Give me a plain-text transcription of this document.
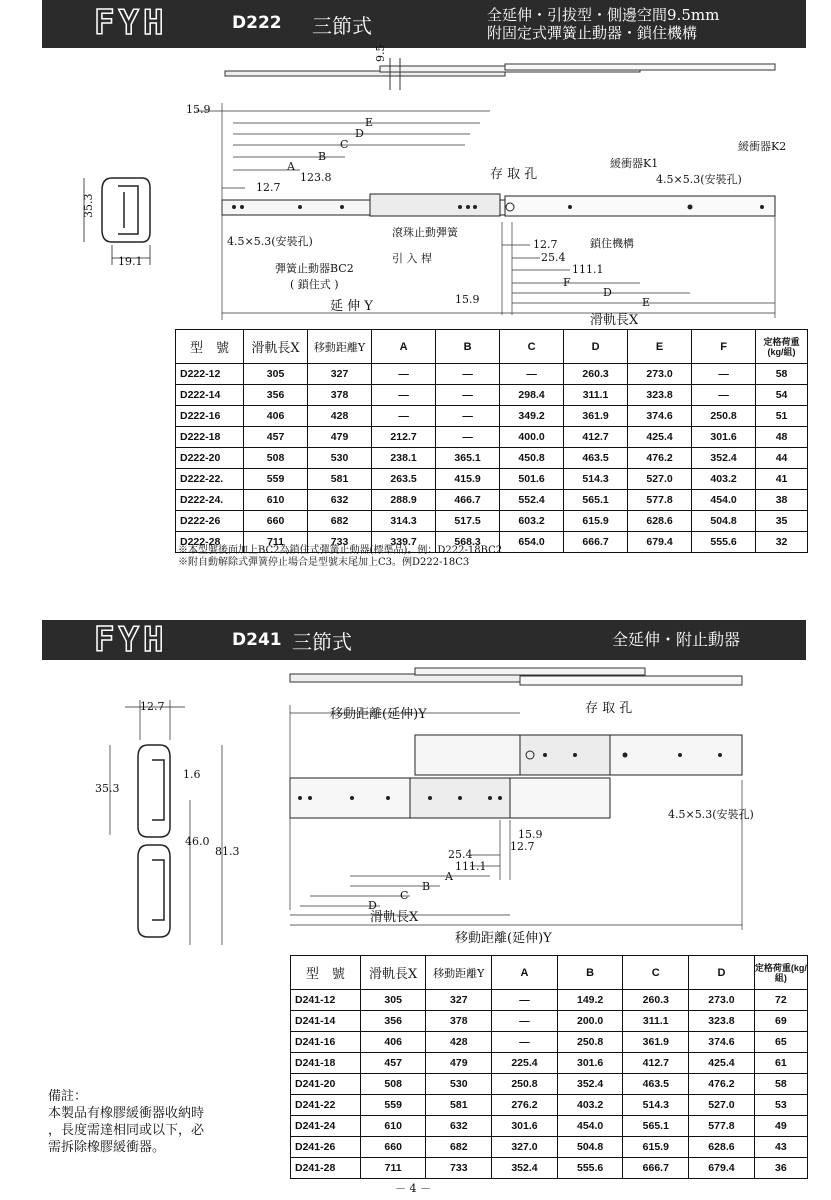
FYH	D222 三節式	全延伸・引拔型・側邊空間9.5mm
附固定式彈簧止動器・鎖住機構
9.5
35.3
19.1
15.9
E
D
C
B
A
123.8
12.7
存 取 孔
緩衝器K1
緩衝器K2
4.5×5.3(安裝孔)
4.5×5.3(安裝孔)
滾珠止動彈簧
鎖住機構
彈簧止動器BC2
( 鎖住式 )
引 入 桿
12.7
25.4
111.1
F
D
E
15.9
延 伸 Y
滑軌長X
型　號	滑軌長X	移動距離Y	A	B	C	D	E	F	定格荷重(kg/組)
D222-12	305	327	—	—	—	260.3	273.0	—	58
D222-14	356	378	—	—	298.4	311.1	323.8	—	54
D222-16	406	428	—	—	349.2	361.9	374.6	250.8	51
D222-18	457	479	212.7	—	400.0	412.7	425.4	301.6	48
D222-20	508	530	238.1	365.1	450.8	463.5	476.2	352.4	44
D222-22.	559	581	263.5	415.9	501.6	514.3	527.0	403.2	41
D222-24.	610	632	288.9	466.7	552.4	565.1	577.8	454.0	38
D222-26	660	682	314.3	517.5	603.2	615.9	628.6	504.8	35
D222-28	711	733	339.7	568.3	654.0	666.7	679.4	555.6	32
※本型號後面加上BC2為鎖住式彈簧止動器(標準品)。例：D222-18BC2
※附自動解除式彈簧停止場合是型號末尾加上C3。例D222-18C3
FYH	D241 三節式	全延伸・附止動器
12.7
1.6
35.3
46.0
81.3
移動距離(延伸)Y	存 取 孔
4.5×5.3(安裝孔)
15.9
12.7
25.4
111.1
A
B
C
D
滑軌長X
移動距離(延伸)Y
型　號	滑軌長X	移動距離Y	A	B	C	D	定格荷重(kg/組)
D241-12	305	327	—	149.2	260.3	273.0	72
D241-14	356	378	—	200.0	311.1	323.8	69
D241-16	406	428	—	250.8	361.9	374.6	65
D241-18	457	479	225.4	301.6	412.7	425.4	61
D241-20	508	530	250.8	352.4	463.5	476.2	58
D241-22	559	581	276.2	403.2	514.3	527.0	53
D241-24	610	632	301.6	454.0	565.1	577.8	49
D241-26	660	682	327.0	504.8	615.9	628.6	43
D241-28	711	733	352.4	555.6	666.7	679.4	36
備註：
本製品有橡膠緩衝器收納時
，長度需達相同或以下，必
需拆除橡膠緩衝器。
－ 4 －
